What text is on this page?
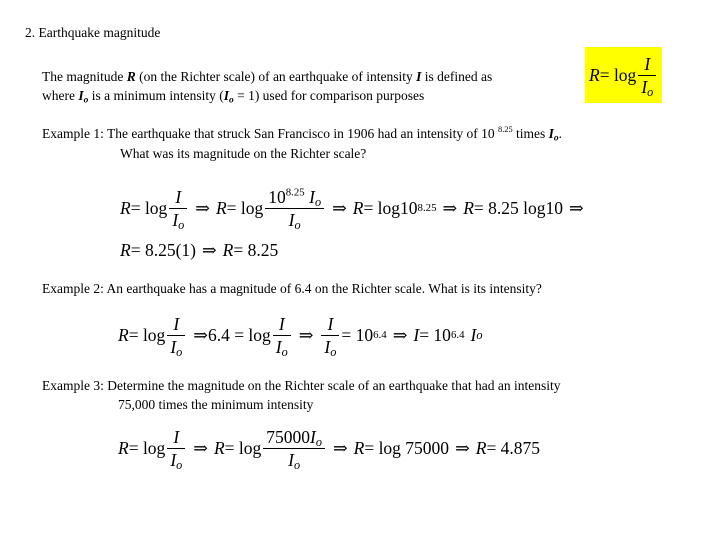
2. Earthquake magnitude
The magnitude R (on the Richter scale) of an earthquake of intensity I is defined as
where $I_o$ is a minimum intensity $(I_o = 1)$ used for comparison purposes
$R = \log \frac{I}{I_o}$
Example 1: The earthquake that struck San Francisco in 1906 had an intensity of 10 $^{8.25}$ times $I_o$.
What was its magnitude on the Richter scale?
$R = \log \frac{I}{I_o}$ ⇒ $R = \log \frac{10^{8.25} I_o}{I_o}$ ⇒ R = log10 8.25 ⇒ R = 8.25 log10 ⇒
R = 8.25(1) ⇒ R = 8.25
Example 2: An earthquake has a magnitude of 6.4 on the Richter scale. What is its intensity?
$R = \log \frac{I}{I_o}$ ⇒ $6.4 = \log \frac{I}{I_o}$ ⇒ $\frac{I}{I_o} = 10$ 6.4 ⇒ I = 10 6.4 I o
Example 3: Determine the magnitude on the Richter scale of an earthquake that had an intensity
75,000 times the minimum intensity
$R = \log \frac{I}{I_o}$ ⇒ $R = \log \frac{75000I_o}{I_o}$ ⇒ R = log 75000 ⇒ R = 4.875
